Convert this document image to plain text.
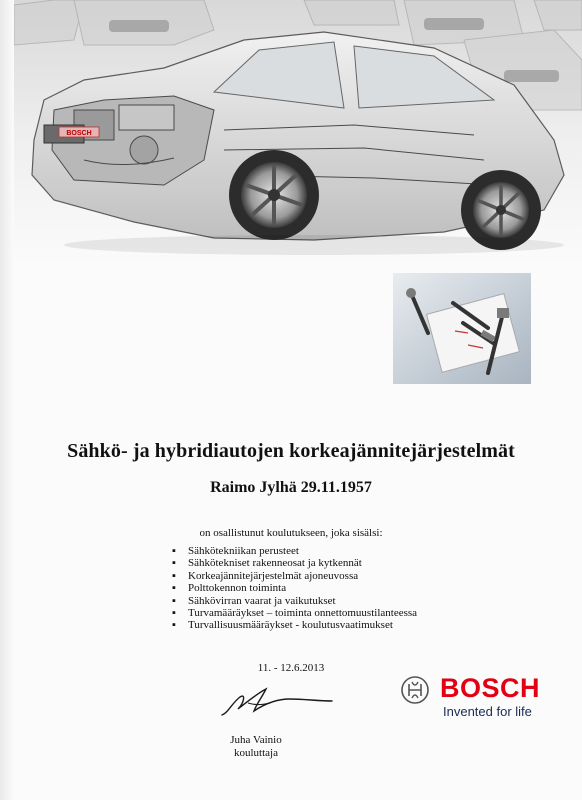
BOSCH
Sähkö- ja hybridiautojen korkeajännitejärjestelmät
Raimo Jylhä 29.11.1957
on osallistunut koulutukseen, joka sisälsi:
▪ Sähkötekniikan perusteet
▪ Sähkötekniset rakenneosat ja kytkennät
▪ Korkeajännitejärjestelmät ajoneuvossa
▪ Polttokennon toiminta
▪ Sähkövirran vaarat ja vaikutukset
▪ Turvamääräykset – toiminta onnettomuustilanteessa
▪ Turvallisuusmääräykset - koulutusvaatimukset
11. - 12.6.2013
Juha Vainio
kouluttaja
BOSCH
Invented for life
